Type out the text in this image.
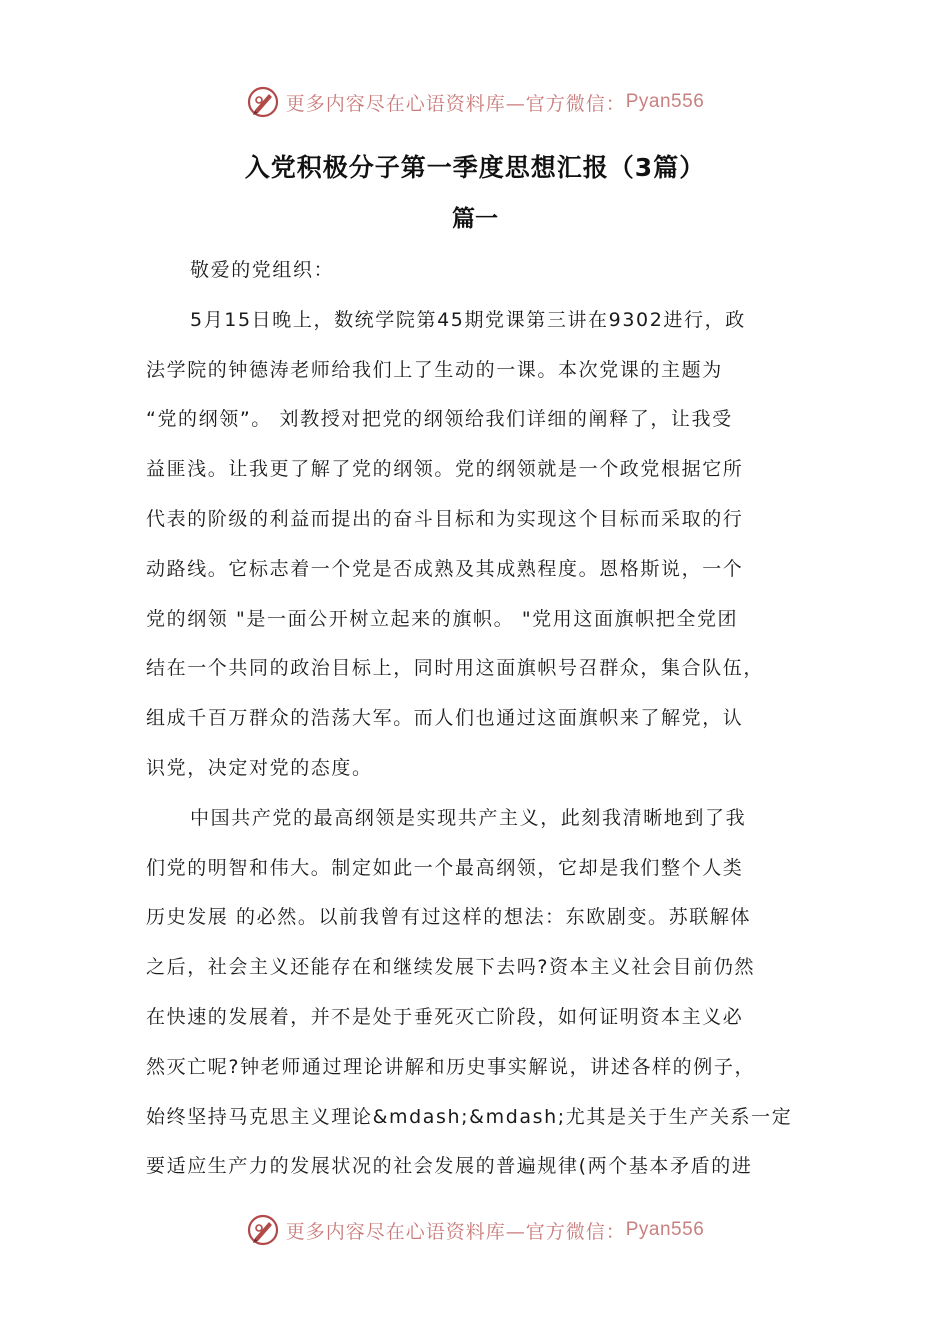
更多内容尽在心语资料库—官方微信： Pyan556
入党积极分子第一季度思想汇报（3篇）
篇一
敬爱的党组织：
5月15日晚上，数统学院第45期党课第三讲在9302进行，政
法学院的钟德涛老师给我们上了生动的一课。本次党课的主题为
“党的纲领”。 刘教授对把党的纲领给我们详细的阐释了，让我受
益匪浅。让我更了解了党的纲领。党的纲领就是一个政党根据它所
代表的阶级的利益而提出的奋斗目标和为实现这个目标而采取的行
动路线。它标志着一个党是否成熟及其成熟程度。恩格斯说，一个
党的纲领 "是一面公开树立起来的旗帜。 "党用这面旗帜把全党团
结在一个共同的政治目标上，同时用这面旗帜号召群众，集合队伍，
组成千百万群众的浩荡大军。而人们也通过这面旗帜来了解党，认
识党，决定对党的态度。
中国共产党的最高纲领是实现共产主义，此刻我清晰地到了我
们党的明智和伟大。制定如此一个最高纲领，它却是我们整个人类
历史发展 的必然。以前我曾有过这样的想法：东欧剧变。苏联解体
之后，社会主义还能存在和继续发展下去吗?资本主义社会目前仍然
在快速的发展着，并不是处于垂死灭亡阶段，如何证明资本主义必
然灭亡呢?钟老师通过理论讲解和历史事实解说，讲述各样的例子，
始终坚持马克思主义理论&mdash;&mdash;尤其是关于生产关系一定
要适应生产力的发展状况的社会发展的普遍规律(两个基本矛盾的进
更多内容尽在心语资料库—官方微信： Pyan556
